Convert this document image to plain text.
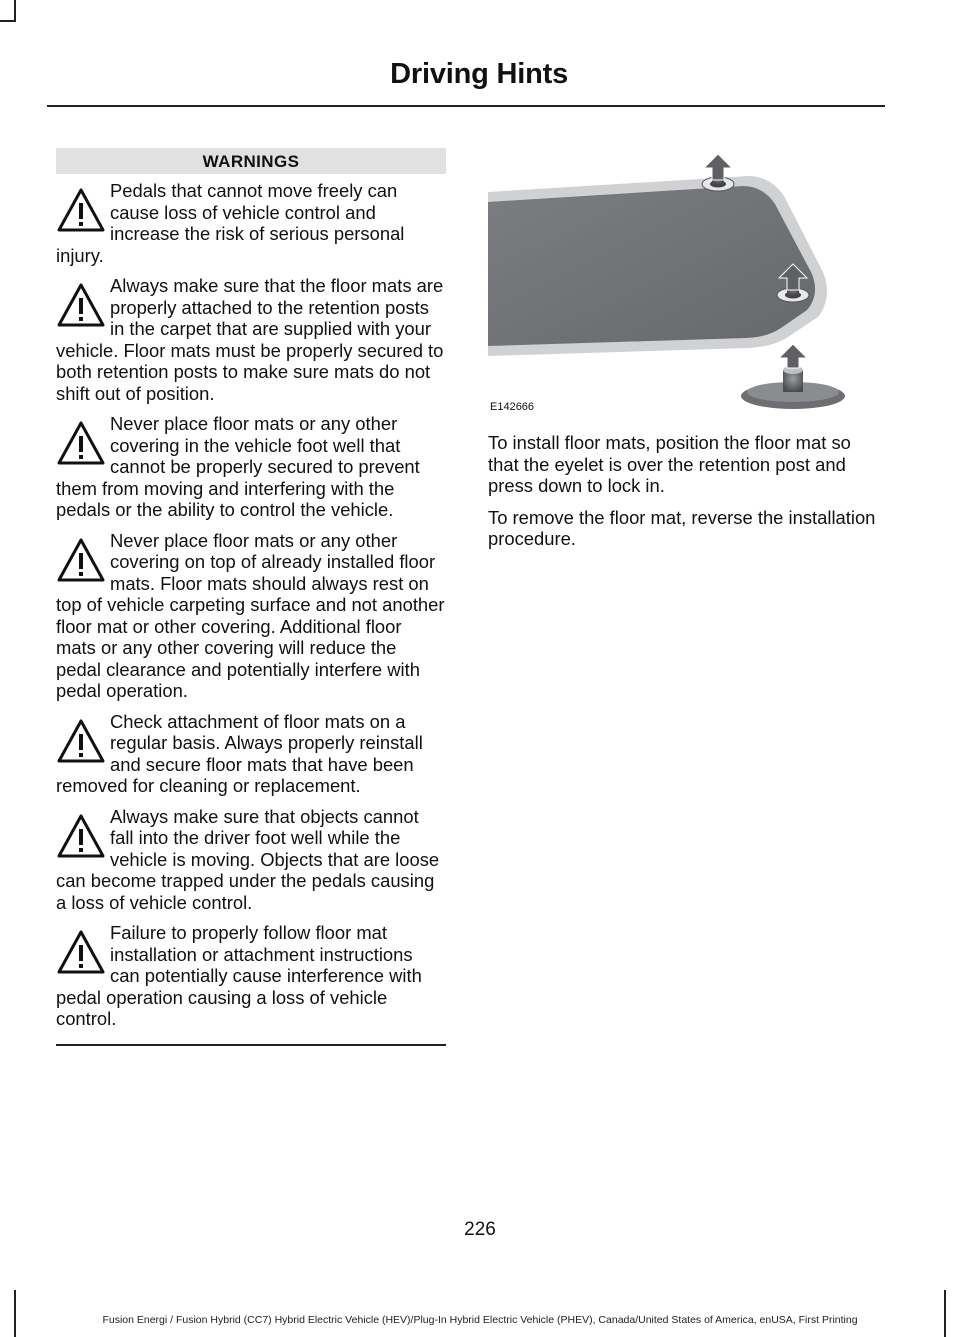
Driving Hints
WARNINGS

Pedals that cannot move freely can cause loss of vehicle control and increase the risk of serious personal injury.

Always make sure that the floor mats are properly attached to the retention posts in the carpet that are supplied with your vehicle. Floor mats must be properly secured to both retention posts to make sure mats do not shift out of position.

Never place floor mats or any other covering in the vehicle foot well that cannot be properly secured to prevent them from moving and interfering with the pedals or the ability to control the vehicle.

Never place floor mats or any other covering on top of already installed floor mats. Floor mats should always rest on top of vehicle carpeting surface and not another floor mat or other covering. Additional floor mats or any other covering will reduce the pedal clearance and potentially interfere with pedal operation.

Check attachment of floor mats on a regular basis. Always properly reinstall and secure floor mats that have been removed for cleaning or replacement.

Always make sure that objects cannot fall into the driver foot well while the vehicle is moving. Objects that are loose can become trapped under the pedals causing a loss of vehicle control.

Failure to properly follow floor mat installation or attachment instructions can potentially cause interference with pedal operation causing a loss of vehicle control.

E142666

To install floor mats, position the floor mat so that the eyelet is over the retention post and press down to lock in.

To remove the floor mat, reverse the installation procedure.

226
Fusion Energi / Fusion Hybrid (CC7) Hybrid Electric Vehicle (HEV)/Plug-In Hybrid Electric Vehicle (PHEV), Canada/United States of America, enUSA, First Printing
